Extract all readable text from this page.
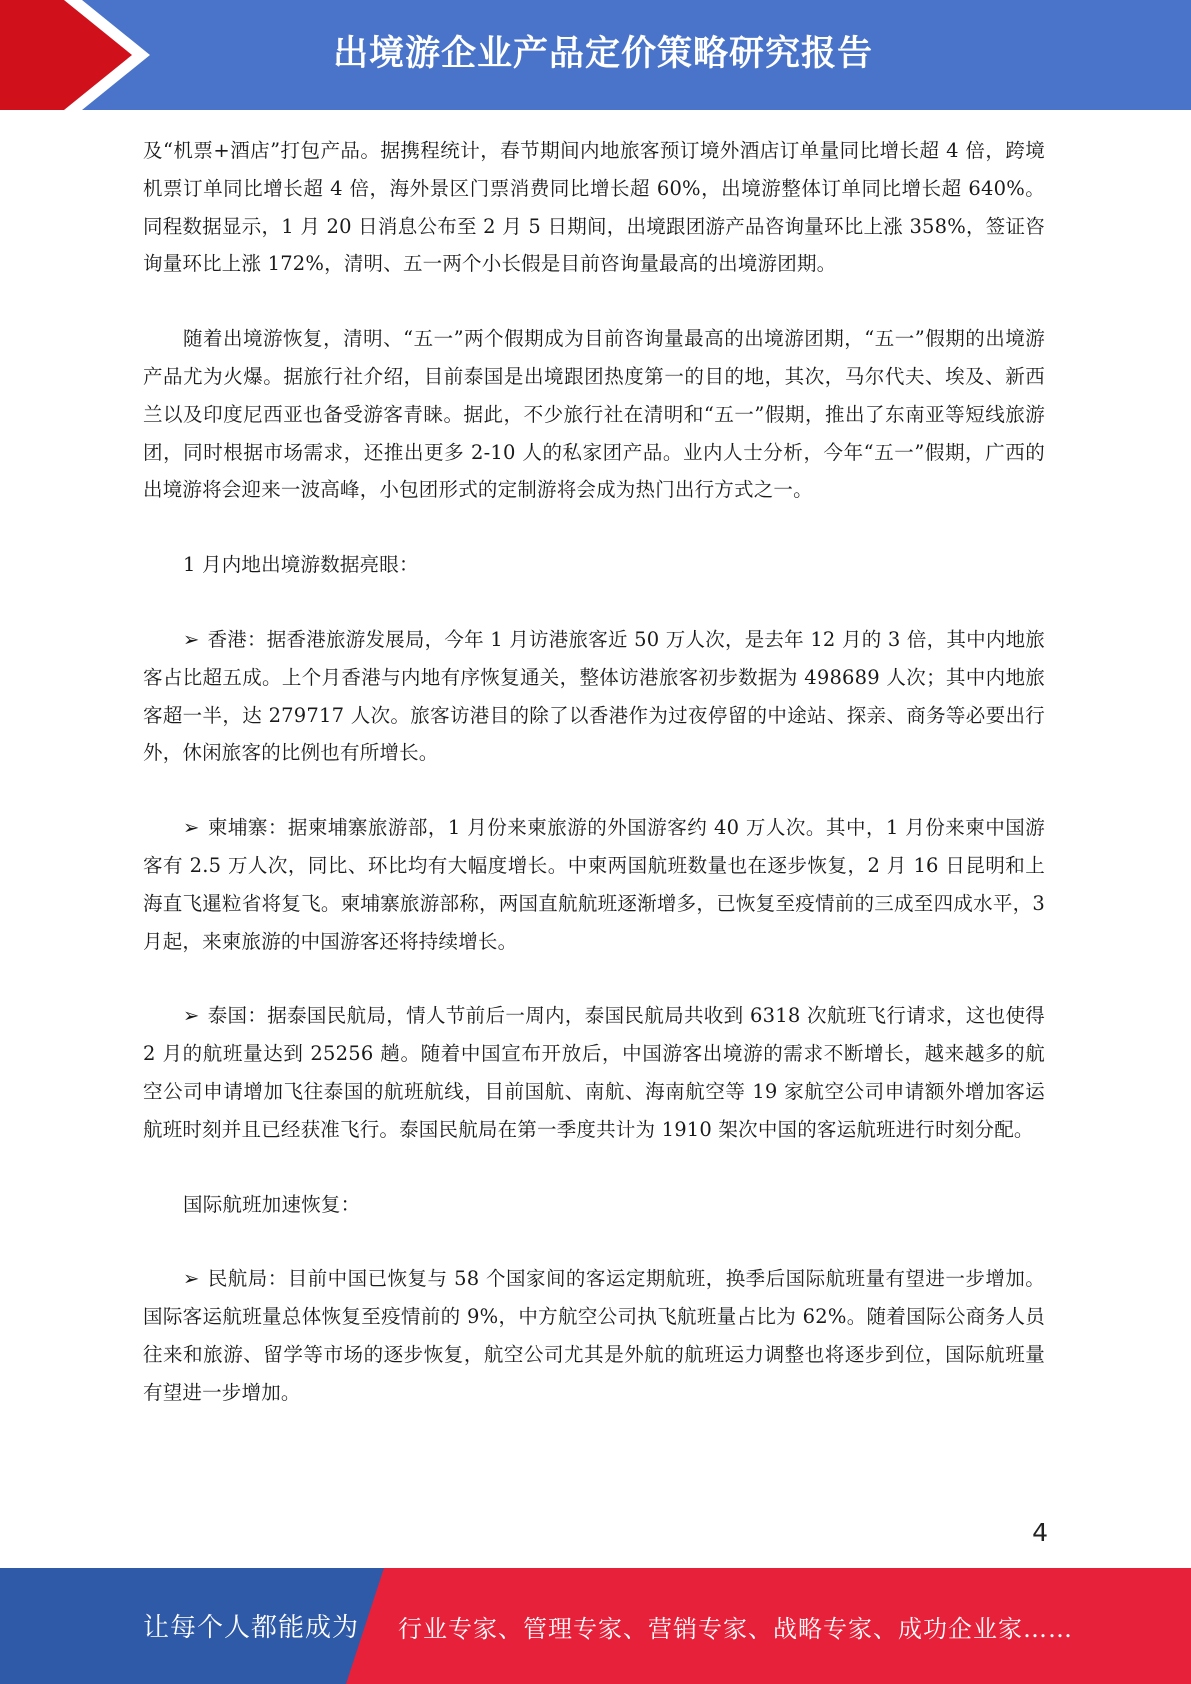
出境游企业产品定价策略研究报告

及“机票+酒店”打包产品。据携程统计，春节期间内地旅客预订境外酒店订单量同比增长超 4 倍，跨境机票订单同比增长超 4 倍，海外景区门票消费同比增长超 60%，出境游整体订单同比增长超 640%。同程数据显示，1 月 20 日消息公布至 2 月 5 日期间，出境跟团游产品咨询量环比上涨 358%，签证咨询量环比上涨 172%，清明、五一两个小长假是目前咨询量最高的出境游团期。

随着出境游恢复，清明、“五一”两个假期成为目前咨询量最高的出境游团期，“五一”假期的出境游产品尤为火爆。据旅行社介绍，目前泰国是出境跟团热度第一的目的地，其次，马尔代夫、埃及、新西兰以及印度尼西亚也备受游客青睐。据此，不少旅行社在清明和“五一”假期，推出了东南亚等短线旅游团，同时根据市场需求，还推出更多 2-10 人的私家团产品。业内人士分析，今年“五一”假期，广西的出境游将会迎来一波高峰，小包团形式的定制游将会成为热门出行方式之一。

1 月内地出境游数据亮眼：

➢ 香港：据香港旅游发展局，今年 1 月访港旅客近 50 万人次，是去年 12 月的 3 倍，其中内地旅客占比超五成。上个月香港与内地有序恢复通关，整体访港旅客初步数据为 498689 人次；其中内地旅客超一半，达 279717 人次。旅客访港目的除了以香港作为过夜停留的中途站、探亲、商务等必要出行外，休闲旅客的比例也有所增长。

➢ 柬埔寨：据柬埔寨旅游部，1 月份来柬旅游的外国游客约 40 万人次。其中，1 月份来柬中国游客有 2.5 万人次，同比、环比均有大幅度增长。中柬两国航班数量也在逐步恢复，2 月 16 日昆明和上海直飞暹粒省将复飞。柬埔寨旅游部称，两国直航航班逐渐增多，已恢复至疫情前的三成至四成水平，3 月起，来柬旅游的中国游客还将持续增长。

➢ 泰国：据泰国民航局，情人节前后一周内，泰国民航局共收到 6318 次航班飞行请求，这也使得 2 月的航班量达到 25256 趟。随着中国宣布开放后，中国游客出境游的需求不断增长，越来越多的航空公司申请增加飞往泰国的航班航线，目前国航、南航、海南航空等 19 家航空公司申请额外增加客运航班时刻并且已经获准飞行。泰国民航局在第一季度共计为 1910 架次中国的客运航班进行时刻分配。

国际航班加速恢复：

➢ 民航局：目前中国已恢复与 58 个国家间的客运定期航班，换季后国际航班量有望进一步增加。国际客运航班量总体恢复至疫情前的 9%，中方航空公司执飞航班量占比为 62%。随着国际公商务人员往来和旅游、留学等市场的逐步恢复，航空公司尤其是外航的航班运力调整也将逐步到位，国际航班量有望进一步增加。

4
让每个人都能成为 行业专家、管理专家、营销专家、战略专家、成功企业家……
